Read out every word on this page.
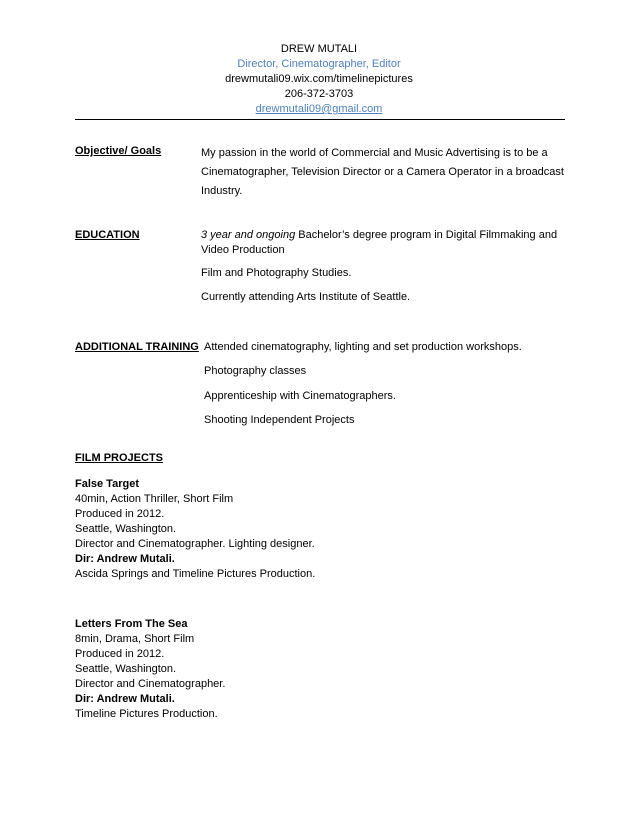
DREW MUTALI
Director, Cinematographer, Editor
drewmutali09.wix.com/timelinepictures
206-372-3703
drewmutali09@gmail.com
Objective/ Goals	My passion in the world of Commercial and Music Advertising is to be a
Cinematographer, Television Director or a Camera Operator in a broadcast
Industry.
EDUCATION	3 year and ongoing Bachelor’s degree program in Digital Filmmaking and
Video Production
Film and Photography Studies.
Currently attending Arts Institute of Seattle.
ADDITIONAL TRAINING Attended cinematography, lighting and set production workshops.
Photography classes
Apprenticeship with Cinematographers.
Shooting Independent Projects
FILM PROJECTS
False Target
40min, Action Thriller, Short Film
Produced in 2012.
Seattle, Washington.
Director and Cinematographer. Lighting designer.
Dir: Andrew Mutali.
Ascida Springs and Timeline Pictures Production.
Letters From The Sea
8min, Drama, Short Film
Produced in 2012.
Seattle, Washington.
Director and Cinematographer.
Dir: Andrew Mutali.
Timeline Pictures Production.
